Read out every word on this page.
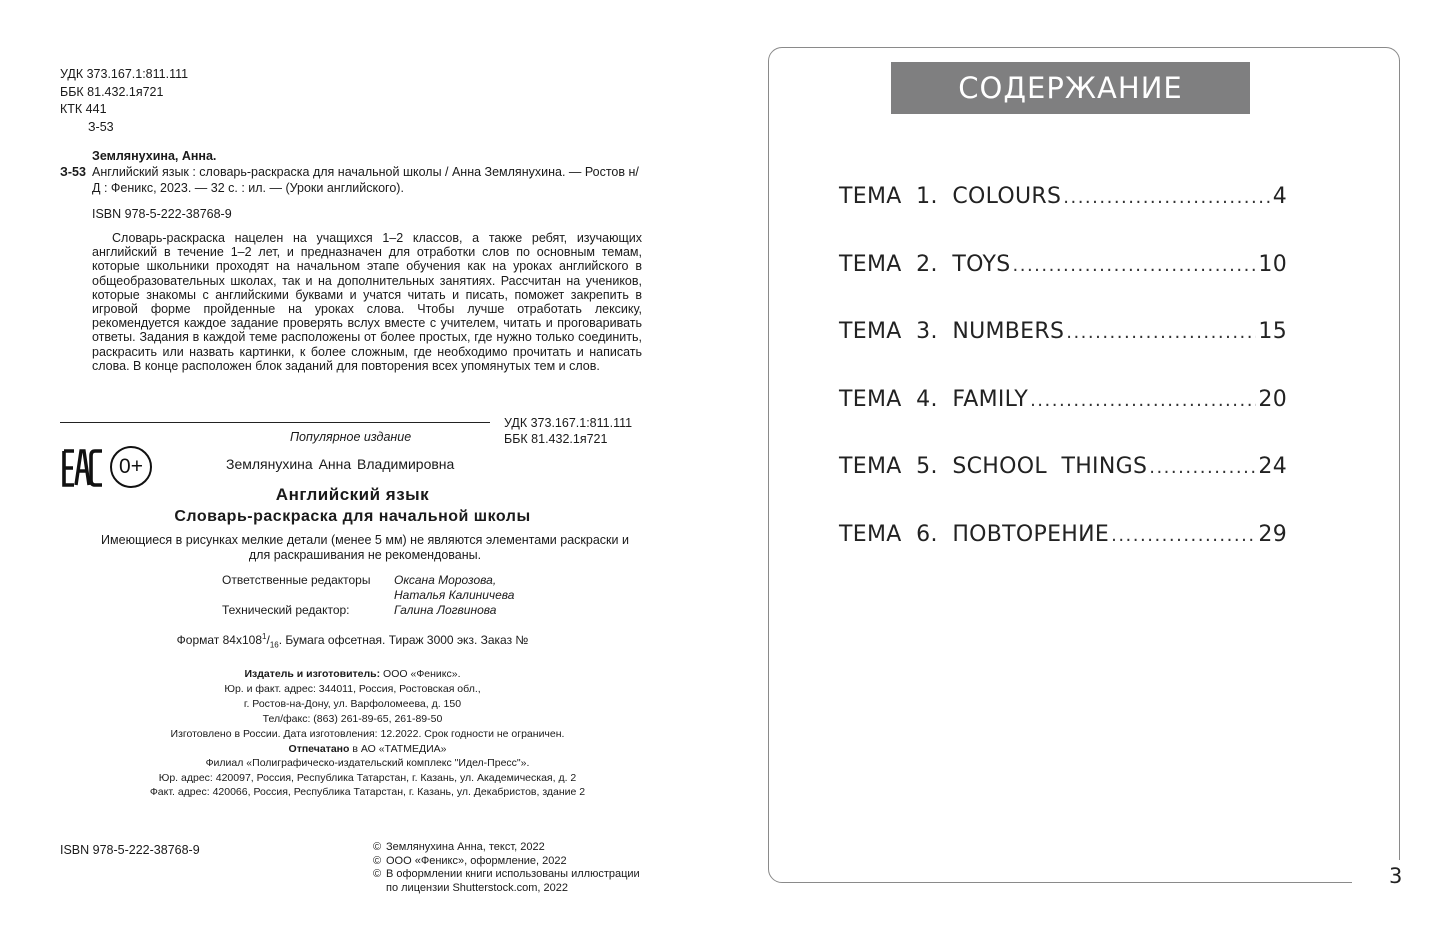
УДК 373.167.1:811.111
ББК 81.432.1я721
КТК 441
З-53
Землянухина, Анна.
З-53 Английский язык : словарь-раскраска для начальной школы / Анна Землянухина. — Ростов н/Д : Феникс, 2023. — 32 с. : ил. — (Уроки английского).
ISBN 978-5-222-38768-9
Словарь-раскраска нацелен на учащихся 1–2 классов, а также ребят, изучающих английский в течение 1–2 лет, и предназначен для отработки слов по основным темам, которые школьники проходят на начальном этапе обучения как на уроках английского в общеобразовательных школах, так и на дополнительных занятиях. Рассчитан на учеников, которые знакомы с английскими буквами и учатся читать и писать, поможет закрепить в игровой форме пройденные на уроках слова. Чтобы лучше отработать лексику, рекомендуется каждое задание проверять вслух вместе с учителем, читать и проговаривать ответы. Задания в каждой теме расположены от более простых, где нужно только соединить, раскрасить или назвать картинки, к более сложным, где необходимо прочитать и написать слова. В конце расположен блок заданий для повторения всех упомянутых тем и слов.
УДК 373.167.1:811.111
ББК 81.432.1я721
Популярное издание
0+	Землянухина Анна Владимировна
Английский язык
Словарь-раскраска для начальной школы
Имеющиеся в рисунках мелкие детали (менее 5 мм) не являются элементами раскраски и для раскрашивания не рекомендованы.
Ответственные редакторы	Оксана Морозова,
Наталья Калиничева
Технический редактор:	Галина Логвинова
Формат $84х108^1/_{16}$. Бумага офсетная. Тираж 3000 экз. Заказ №
Издатель и изготовитель: ООО «Феникс».
Юр. и факт. адрес: 344011, Россия, Ростовская обл.,
г. Ростов-на-Дону, ул. Варфоломеева, д. 150
Тел/факс: (863) 261-89-65, 261-89-50
Изготовлено в России. Дата изготовления: 12.2022. Срок годности не ограничен.
Отпечатано в АО «ТАТМЕДИА»
Филиал «Полиграфическо-издательский комплекс "Идел-Пресс"».
Юр. адрес: 420097, Россия, Республика Татарстан, г. Казань, ул. Академическая, д. 2
Факт. адрес: 420066, Россия, Республика Татарстан, г. Казань, ул. Декабристов, здание 2
ISBN 978-5-222-38768-9	© Землянухина Анна, текст, 2022
© ООО «Феникс», оформление, 2022
© В оформлении книги использованы иллюстрации
по лицензии Shutterstock.com, 2022
СОДЕРЖАНИЕ
ТЕМА  1.  COLOURS .....	4
ТЕМА  2.  TOYS .....	10
ТЕМА  3.  NUMBERS .....	15
ТЕМА  4.  FAMILY .....	20
ТЕМА  5.  SCHOOL  THINGS .....	24
ТЕМА  6.  ПОВТОРЕНИЕ .....	29
3
